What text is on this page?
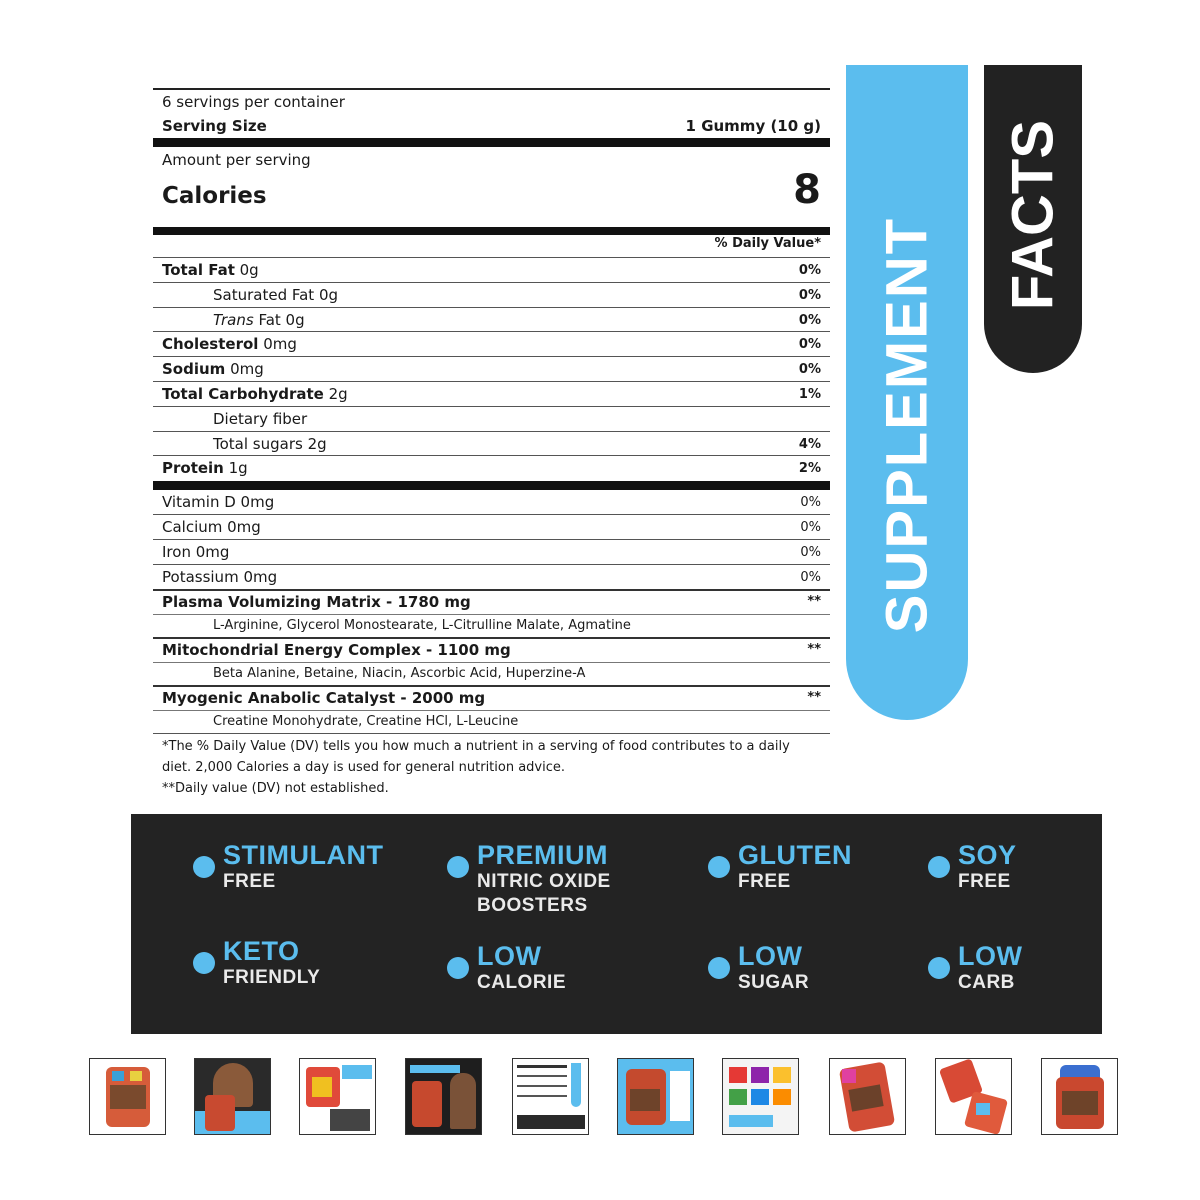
6 servings per container
Serving Size	1 Gummy (10 g)
Amount per serving
Calories	8
% Daily Value*
Total Fat 0g	0%
Saturated Fat 0g	0%
Trans Fat 0g	0%
Cholesterol 0mg	0%
Sodium 0mg	0%
Total Carbohydrate 2g	1%
Dietary fiber
Total sugars 2g	4%
Protein 1g	2%
Vitamin D 0mg	0%
Calcium 0mg	0%
Iron 0mg	0%
Potassium 0mg	0%
Plasma Volumizing Matrix - 1780 mg	**
L-Arginine, Glycerol Monostearate, L-Citrulline Malate, Agmatine
Mitochondrial Energy Complex - 1100 mg	**
Beta Alanine, Betaine, Niacin, Ascorbic Acid, Huperzine-A
Myogenic Anabolic Catalyst - 2000 mg	**
Creatine Monohydrate, Creatine HCl, L-Leucine
*The % Daily Value (DV) tells you how much a nutrient in a serving of food contributes to a daily
diet. 2,000 Calories a day is used for general nutrition advice.
**Daily value (DV) not established.
SUPPLEMENT
FACTS
STIMULANT
FREE
PREMIUM
NITRIC OXIDE
BOOSTERS
GLUTEN
FREE
SOY
FREE
KETO
FRIENDLY
LOW
CALORIE
LOW
SUGAR
LOW
CARB
